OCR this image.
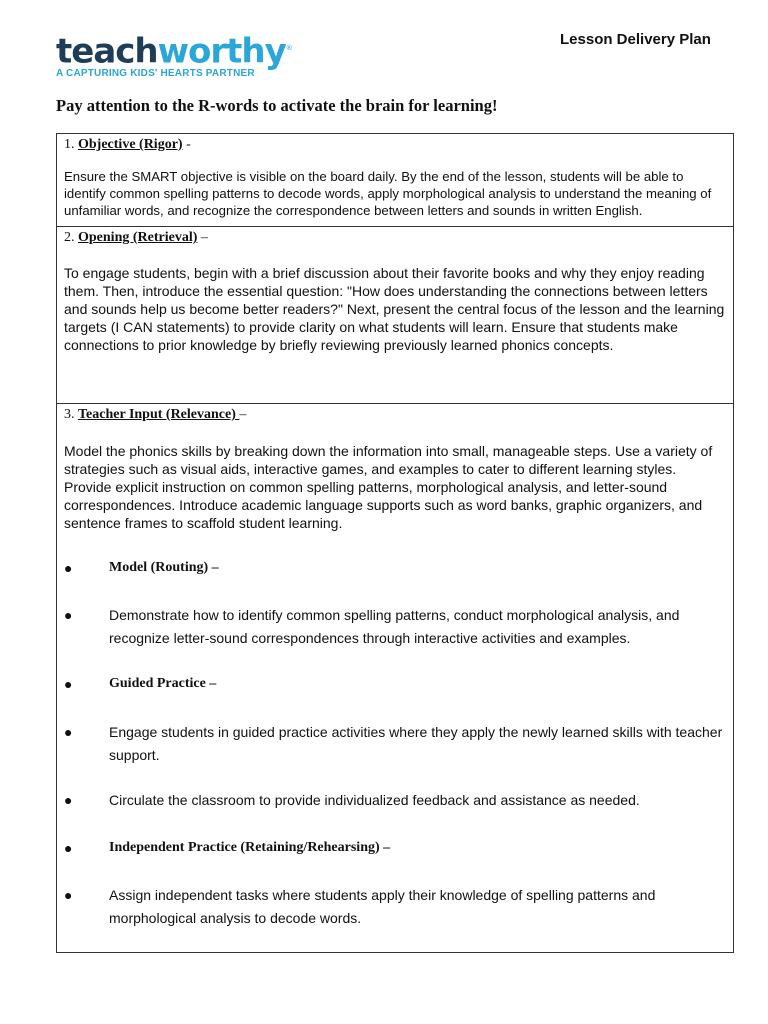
teachworthy®
A CAPTURING KIDS' HEARTS PARTNER
Lesson Delivery Plan
Pay attention to the R-words to activate the brain for learning!
1. Objective (Rigor) -
Ensure the SMART objective is visible on the board daily. By the end of the lesson, students will be able to identify common spelling patterns to decode words, apply morphological analysis to understand the meaning of unfamiliar words, and recognize the correspondence between letters and sounds in written English.
2. Opening (Retrieval) –
To engage students, begin with a brief discussion about their favorite books and why they enjoy reading them. Then, introduce the essential question: "How does understanding the connections between letters and sounds help us become better readers?" Next, present the central focus of the lesson and the learning targets (I CAN statements) to provide clarity on what students will learn. Ensure that students make connections to prior knowledge by briefly reviewing previously learned phonics concepts.
3. Teacher Input (Relevance) –
Model the phonics skills by breaking down the information into small, manageable steps. Use a variety of strategies such as visual aids, interactive games, and examples to cater to different learning styles. Provide explicit instruction on common spelling patterns, morphological analysis, and letter-sound correspondences. Introduce academic language supports such as word banks, graphic organizers, and sentence frames to scaffold student learning.
●	Model (Routing) –
●	Demonstrate how to identify common spelling patterns, conduct morphological analysis, and recognize letter-sound correspondences through interactive activities and examples.
●	Guided Practice –
●	Engage students in guided practice activities where they apply the newly learned skills with teacher support.
●	Circulate the classroom to provide individualized feedback and assistance as needed.
●	Independent Practice (Retaining/Rehearsing) –
●	Assign independent tasks where students apply their knowledge of spelling patterns and morphological analysis to decode words.
